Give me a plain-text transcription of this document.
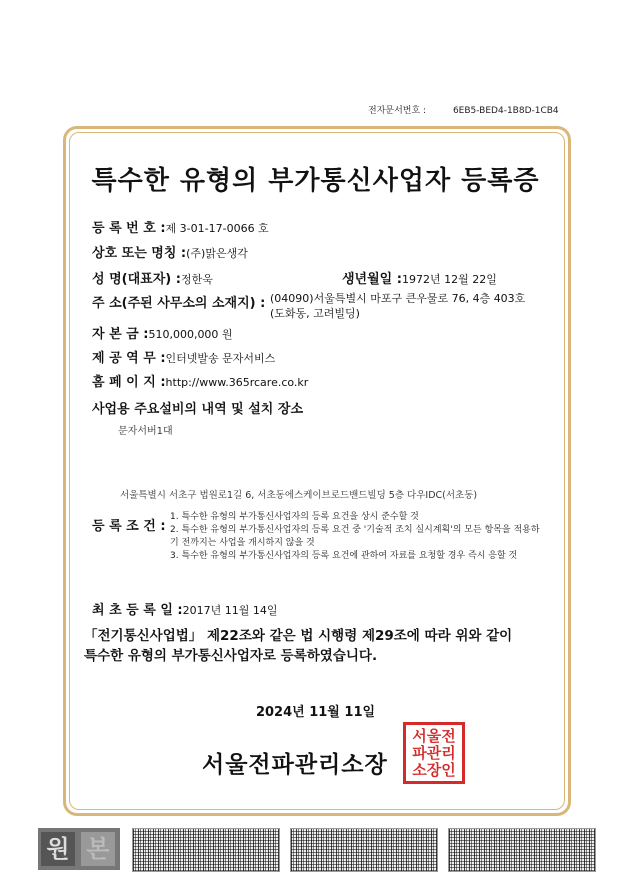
전자문서번호 :	6EB5-BED4-1B8D-1CB4
특수한 유형의 부가통신사업자 등록증
등 록 번 호 :제 3-01-17-0066 호
상호 또는 명칭 :(주)맑은생각
성 명(대표자) :정한욱	생년월일 :1972년 12월 22일
주 소(주된 사무소의 소재지) : (04090)서울특별시 마포구 큰우물로 76, 4층 403호
(도화동, 고려빌딩)
자 본 금 :510,000,000 원
제 공 역 무 :인터넷발송 문자서비스
홈 페 이 지 :http://www.365rcare.co.kr
사업용 주요설비의 내역 및 설치 장소
문자서버1대
서울특별시 서초구 법원로1길 6, 서초동에스케이브로드밴드빌딩 5층 다우IDC(서초동)
등 록 조 건 :
1. 특수한 유형의 부가통신사업자의 등록 요건을 상시 준수할 것
2. 특수한 유형의 부가통신사업자의 등록 요건 중 '기술적 조치 실시계획'의 모든 항목을 적용하기 전까지는 사업을 개시하지 않을 것
3. 특수한 유형의 부가통신사업자의 등록 요건에 관하여 자료를 요청할 경우 즉시 응할 것
최 초 등 록 일 :2017년 11월 14일
「전기통신사업법」 제22조와 같은 법 시행령 제29조에 따라 위와 같이
특수한 유형의 부가통신사업자로 등록하였습니다.
2024년 11월 11일
서울전파관리소장
서울전
파관리
소장인
원 본
